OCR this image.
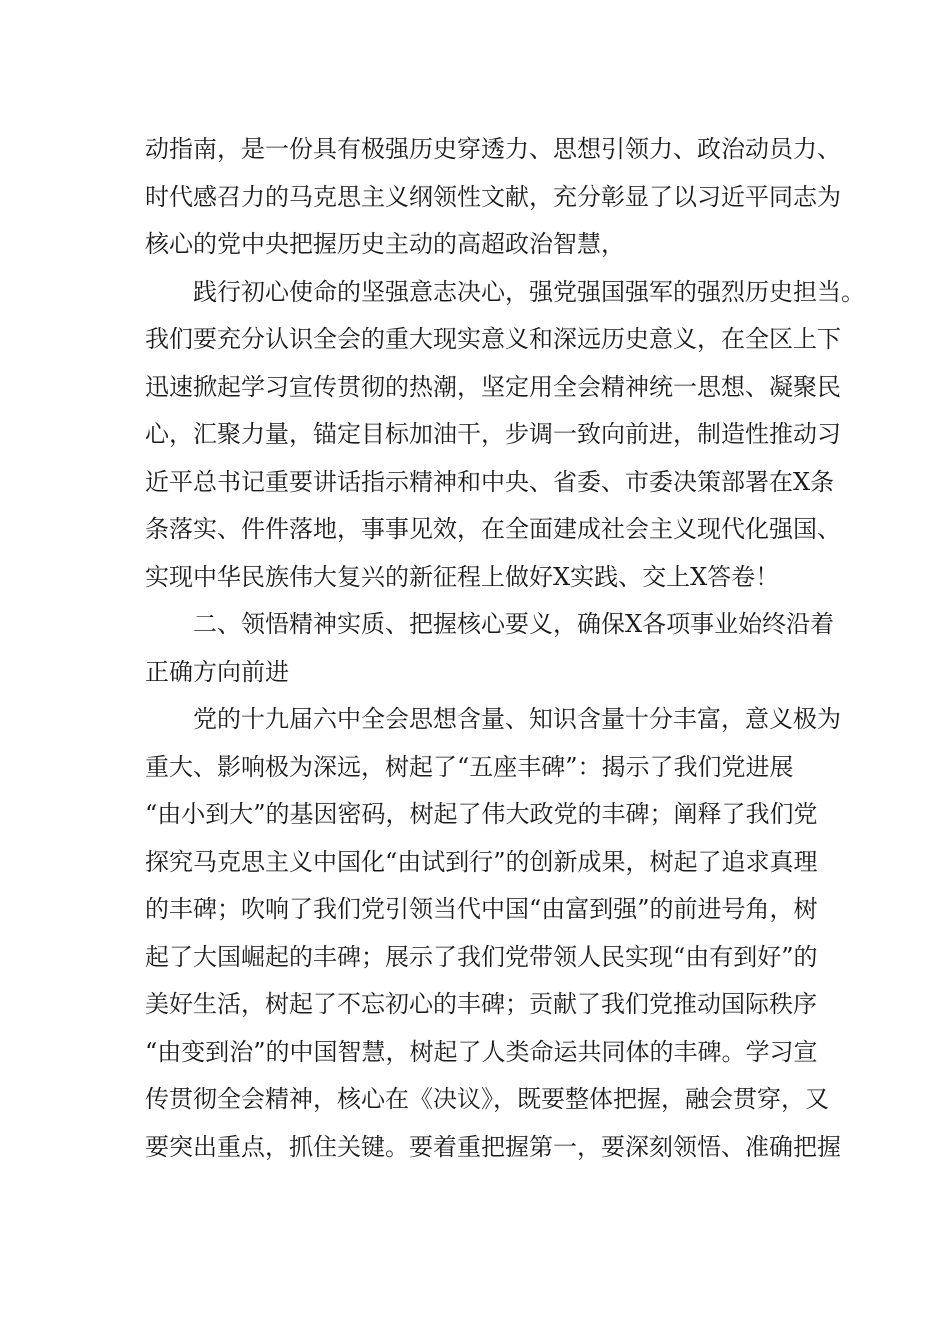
动指南，是一份具有极强历史穿透力、思想引领力、政治动员力、
时代感召力的马克思主义纲领性文献，充分彰显了以习近平同志为
核心的党中央把握历史主动的高超政治智慧，
践行初心使命的坚强意志决心，强党强国强军的强烈历史担当。
我们要充分认识全会的重大现实意义和深远历史意义，在全区上下
迅速掀起学习宣传贯彻的热潮，坚定用全会精神统一思想、凝聚民
心，汇聚力量，锚定目标加油干，步调一致向前进，制造性推动习
近平总书记重要讲话指示精神和中央、省委、市委决策部署在X条
条落实、件件落地，事事见效，在全面建成社会主义现代化强国、
实现中华民族伟大复兴的新征程上做好X实践、交上X答卷！
二、领悟精神实质、把握核心要义，确保X各项事业始终沿着
正确方向前进
党的十九届六中全会思想含量、知识含量十分丰富，意义极为
重大、影响极为深远，树起了“五座丰碑”：揭示了我们党进展
“由小到大”的基因密码，树起了伟大政党的丰碑；阐释了我们党
探究马克思主义中国化“由试到行”的创新成果，树起了追求真理
的丰碑；吹响了我们党引领当代中国“由富到强”的前进号角，树
起了大国崛起的丰碑；展示了我们党带领人民实现“由有到好”的
美好生活，树起了不忘初心的丰碑；贡献了我们党推动国际秩序
“由变到治”的中国智慧，树起了人类命运共同体的丰碑。学习宣
传贯彻全会精神，核心在《决议》，既要整体把握，融会贯穿，又
要突出重点，抓住关键。要着重把握第一，要深刻领悟、准确把握
